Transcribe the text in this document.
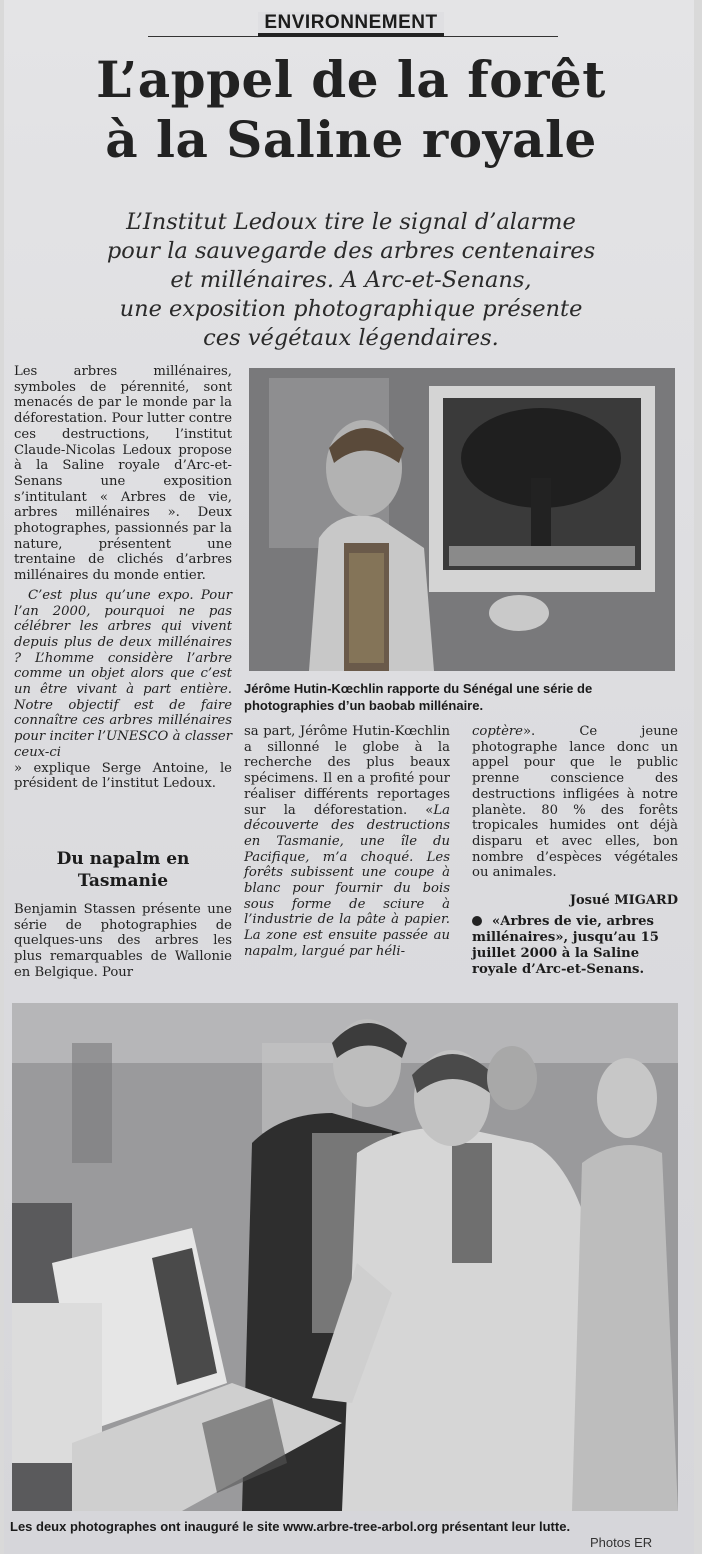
ENVIRONNEMENT
L’appel de la forêt
à la Saline royale
L’Institut Ledoux tire le signal d’alarme
pour la sauvegarde des arbres centenaires
et millénaires. A Arc-et-Senans,
une exposition photographique présente
ces végétaux légendaires.

Les arbres millénaires, symboles de pérennité, sont menacés de par le monde par la déforestation. Pour lutter contre ces destructions, l’institut Claude-Nicolas Ledoux propose à la Saline royale d’Arc-et-Senans une exposition s’intitulant « Arbres de vie, arbres millénaires ». Deux photographes, passionnés par la nature, présentent une trentaine de clichés d’arbres millénaires du monde entier.

C’est plus qu’une expo. Pour l’an 2000, pourquoi ne pas célébrer les arbres qui vivent depuis plus de deux millénaires ? L’homme considère l’arbre comme un objet alors que c’est un être vivant à part entière. Notre objectif est de faire connaître ces arbres millénaires pour inciter l’UNESCO à classer ceux-ci

» explique Serge Antoine, le président de l’institut Ledoux.

Du napalm en Tasmanie

Benjamin Stassen présente une série de photographies de quelques-uns des arbres les plus remarquables de Wallonie en Belgique. Pour

sa part, Jérôme Hutin-Kœchlin a sillonné le globe à la recherche des plus beaux spécimens. Il en a profité pour réaliser différents reportages sur la déforestation. «La découverte des destructions en Tasmanie, une île du Pacifique, m’a choqué. Les forêts subissent une coupe à blanc pour fournir du bois sous forme de sciure à l’industrie de la pâte à papier. La zone est ensuite passée au napalm, largué par héli-

coptère». Ce jeune photographe lance donc un appel pour que le public prenne conscience des destructions infligées à notre planète. 80 % des forêts tropicales humides ont déjà disparu et avec elles, bon nombre d’espèces végétales ou animales.

Josué MIGARD
«Arbres de vie, arbres millénaires», jusqu’au 15 juillet 2000 à la Saline royale d’Arc-et-Senans.
Jérôme Hutin-Kœchlin rapporte du Sénégal une série de photographies d’un baobab millénaire.
Les deux photographes ont inauguré le site www.arbre-tree-arbol.org présentant leur lutte.
Photos ER
